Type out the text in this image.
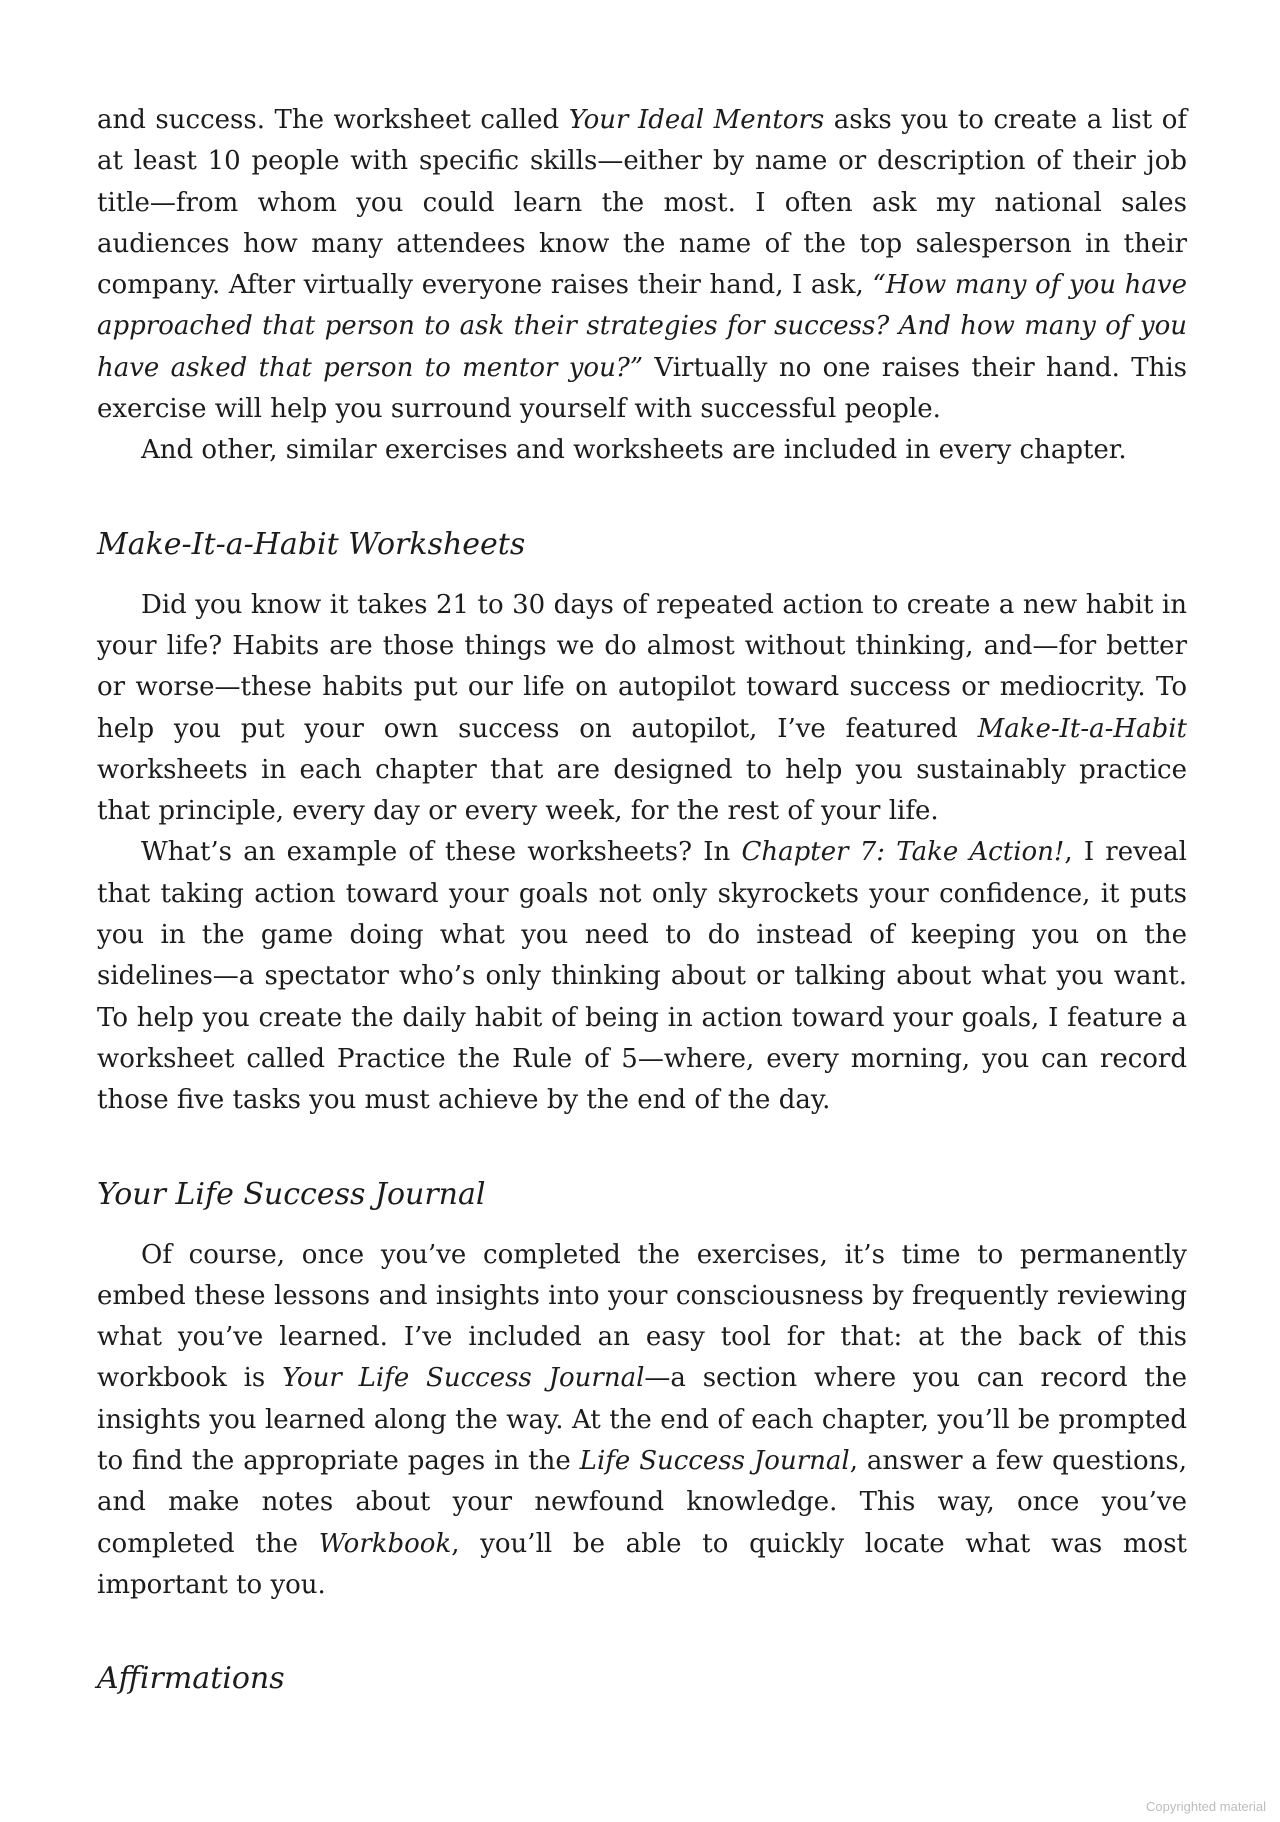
and success. The worksheet called Your Ideal Mentors asks you to create a list of at least 10 people with specific skills—either by name or description of their job title—from whom you could learn the most. I often ask my national sales audiences how many attendees know the name of the top salesperson in their company. After virtually everyone raises their hand, I ask, “How many of you have approached that person to ask their strategies for success? And how many of you have asked that person to mentor you?” Virtually no one raises their hand. This exercise will help you surround yourself with successful people.

And other, similar exercises and worksheets are included in every chapter.

Make-It-a-Habit Worksheets

Did you know it takes 21 to 30 days of repeated action to create a new habit in your life? Habits are those things we do almost without thinking, and—for better or worse—these habits put our life on autopilot toward success or mediocrity. To help you put your own success on autopilot, I’ve featured Make-It-a-Habit worksheets in each chapter that are designed to help you sustainably practice that principle, every day or every week, for the rest of your life.

What’s an example of these worksheets? In Chapter 7: Take Action!, I reveal that taking action toward your goals not only skyrockets your confidence, it puts you in the game doing what you need to do instead of keeping you on the sidelines—a spectator who’s only thinking about or talking about what you want. To help you create the daily habit of being in action toward your goals, I feature a worksheet called Practice the Rule of 5—where, every morning, you can record those five tasks you must achieve by the end of the day.

Your Life Success Journal

Of course, once you’ve completed the exercises, it’s time to permanently embed these lessons and insights into your consciousness by frequently reviewing what you’ve learned. I’ve included an easy tool for that: at the back of this workbook is Your Life Success Journal—a section where you can record the insights you learned along the way. At the end of each chapter, you’ll be prompted to find the appropriate pages in the Life Success Journal, answer a few questions, and make notes about your newfound knowledge. This way, once you’ve completed the Workbook, you’ll be able to quickly locate what was most important to you.

Affirmations
Copyrighted material
